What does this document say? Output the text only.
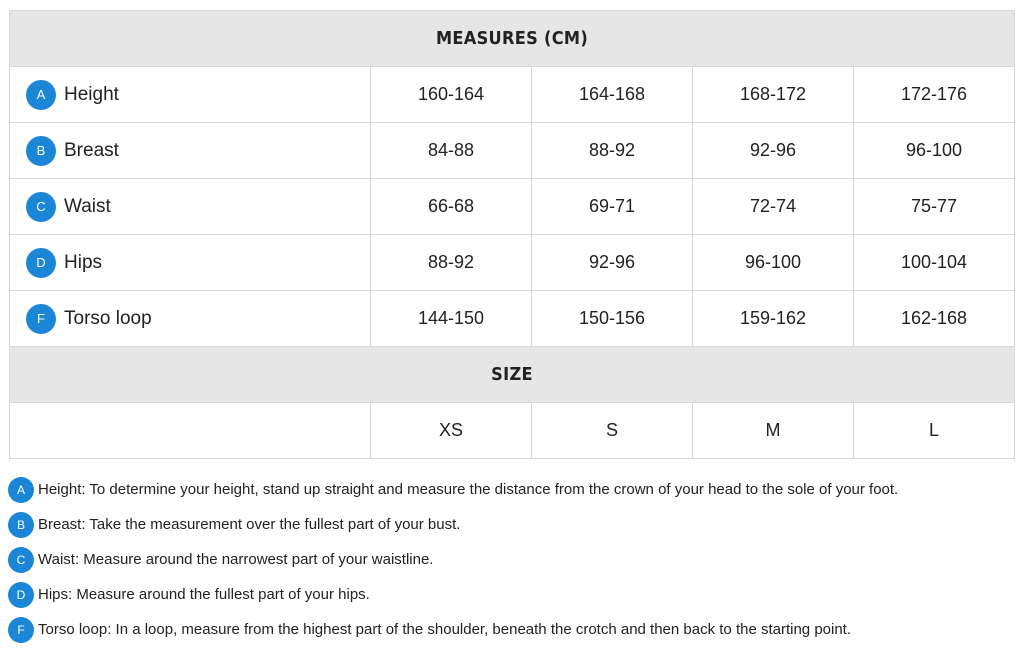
MEASURES (CM)				

A Height	160-164	164-168	168-172	172-176

B Breast	84-88	88-92	92-96	96-100

C Waist	66-68	69-71	72-74	75-77

D Hips	88-92	92-96	96-100	100-104

F Torso loop	144-150	150-156	159-162	162-168
SIZE				
	XS	S	M	L
A Height: To determine your height, stand up straight and measure the distance from the crown of your head to the sole of your foot.
B Breast: Take the measurement over the fullest part of your bust.
C Waist: Measure around the narrowest part of your waistline.
D Hips: Measure around the fullest part of your hips.
F Torso loop: In a loop, measure from the highest part of the shoulder, beneath the crotch and then back to the starting point.
